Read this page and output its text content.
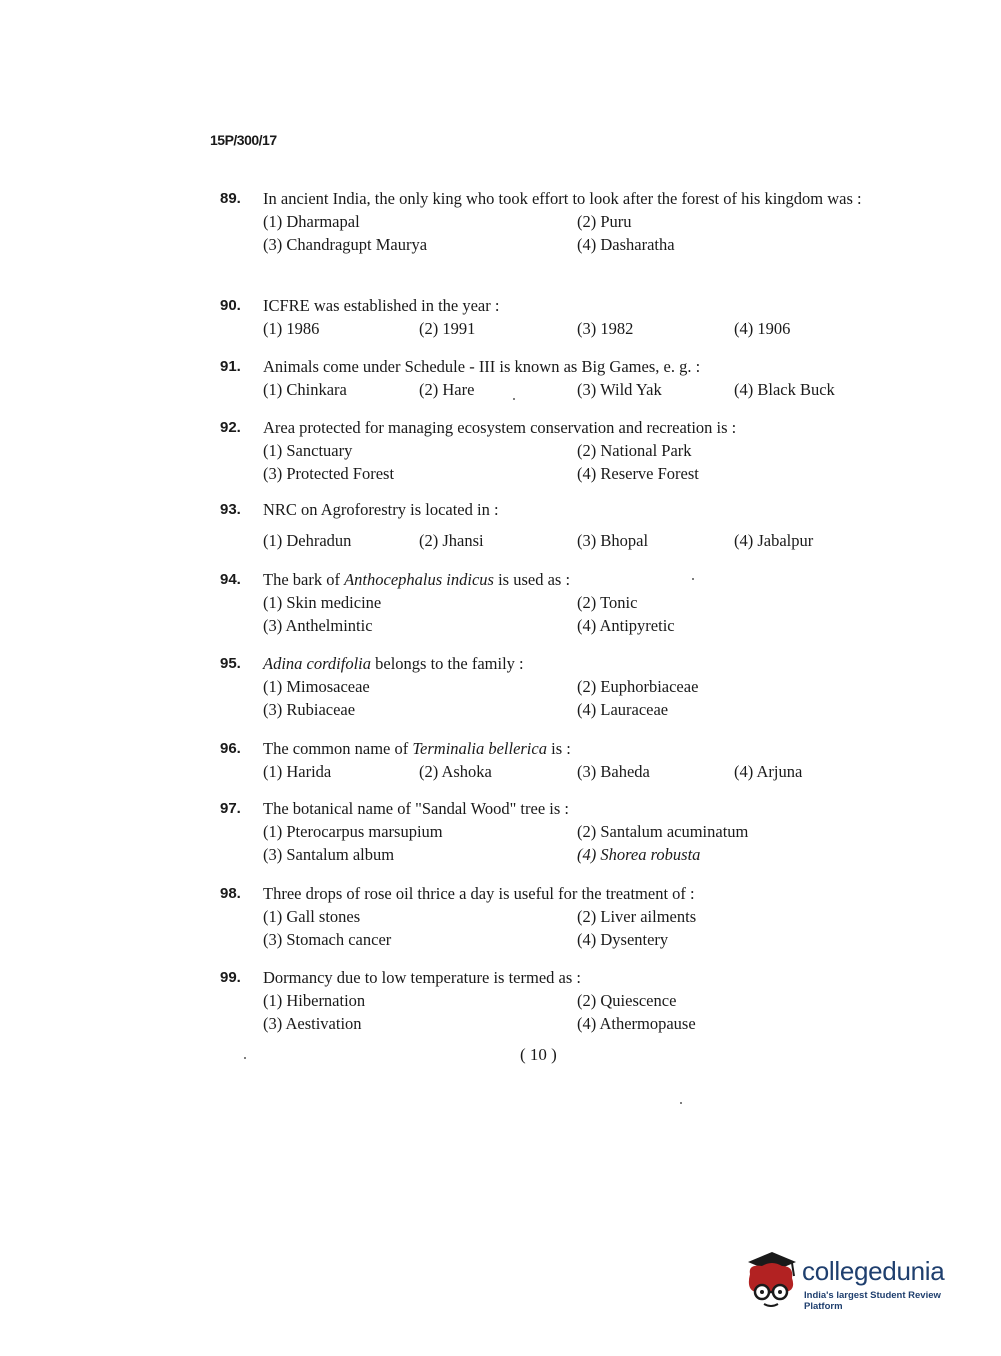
15P/300/17
89. In ancient India, the only king who took effort to look after the forest of his kingdom was :
(1) Dharmapal	(2) Puru
(3) Chandragupt Maurya	(4) Dasharatha
90. ICFRE was established in the year :
(1) 1986	(2) 1991	(3) 1982	(4) 1906
91. Animals come under Schedule - III is known as Big Games, e. g. :
(1) Chinkara	(2) Hare	(3) Wild Yak	(4) Black Buck
92. Area protected for managing ecosystem conservation and recreation is :
(1) Sanctuary	(2) National Park
(3) Protected Forest	(4) Reserve Forest
93. NRC on Agroforestry is located in :
(1) Dehradun	(2) Jhansi	(3) Bhopal	(4) Jabalpur
94. The bark of Anthocephalus indicus is used as :
(1) Skin medicine	(2) Tonic
(3) Anthelmintic	(4) Antipyretic
95. Adina cordifolia belongs to the family :
(1) Mimosaceae	(2) Euphorbiaceae
(3) Rubiaceae	(4) Lauraceae
96. The common name of Terminalia bellerica is :
(1) Harida	(2) Ashoka	(3) Baheda	(4) Arjuna
97. The botanical name of "Sandal Wood" tree is :
(1) Pterocarpus marsupium	(2) Santalum acuminatum
(3) Santalum album	(4) Shorea robusta
98. Three drops of rose oil thrice a day is useful for the treatment of :
(1) Gall stones	(2) Liver ailments
(3) Stomach cancer	(4) Dysentery
99. Dormancy due to low temperature is termed as :
(1) Hibernation	(2) Quiescence
(3) Aestivation	(4) Athermopause
( 10 )
collegedunia
India's largest Student Review Platform
